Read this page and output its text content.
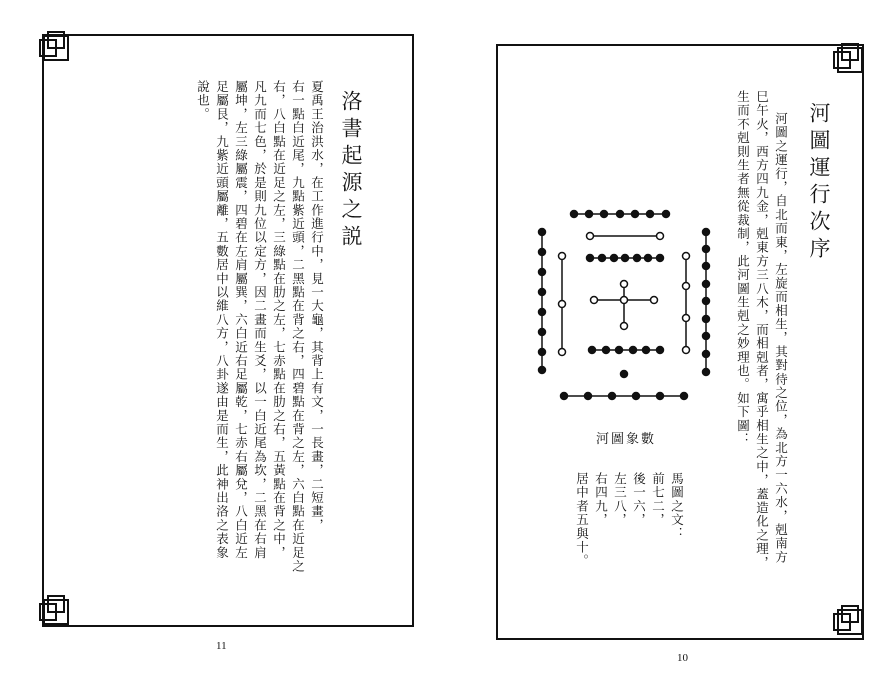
洛書起源之説
夏禹王治洪水，在工作進行中，見一大龜，其背上有文，一長畫，二短畫，
右一點白近尾，九點紫近頭，二黑點在背之右，四碧點在背之左，六白點在近足之
右，八白點在近足之左，三綠點在肋之左，七赤點在肋之右，五黃點在背之中，
凡九而七色，於是則九位以定方，因二畫而生爻，以一白近尾為坎，二黑在右肩
屬坤，左三綠屬震，四碧在左肩屬巽，六白近右足屬乾，七赤右屬兌，八白近左
足屬艮，九紫近頭屬離，五數居中以維八方，八卦遂由是而生，此神出洛之表象
說也。
11
河圖運行次序
河圖之運行，自北而東，左旋而相生，其對待之位，為北方一六水，剋南方
巳午火，西方四九金，剋東方三八木，而相剋者，寓乎相生之中，蓋造化之理，
生而不剋則生者無從裁制，此河圖生剋之妙理也。如下圖：
河圖象數
馬圖之文：
前七二，
後一六，
左三八，
右四九，
居中者五與十。
10
